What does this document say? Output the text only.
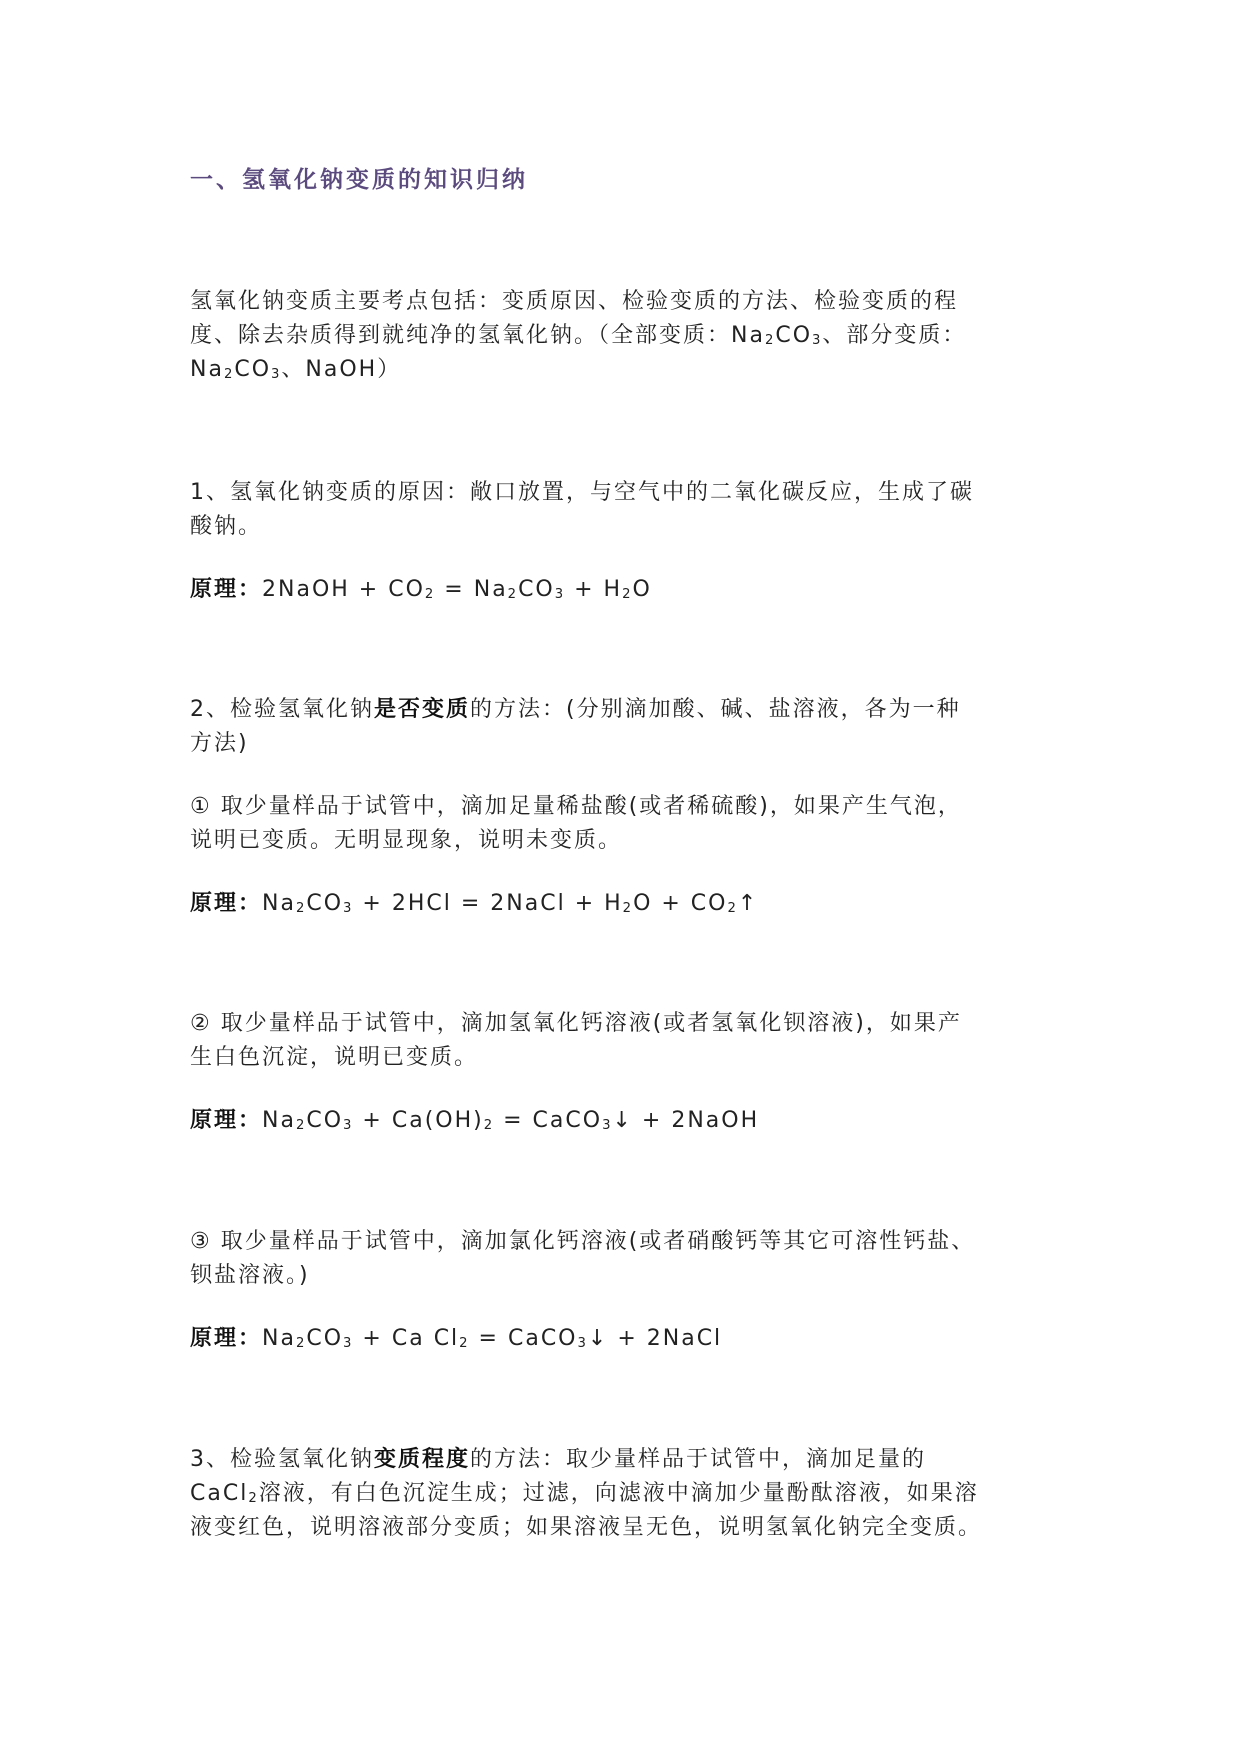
一、氢氧化钠变质的知识归纳

氢氧化钠变质主要考点包括：变质原因、检验变质的方法、检验变质的程
度、除去杂质得到就纯净的氢氧化钠。（全部变质：$Na_2CO_3$、部分变质：
$Na_2CO_3$、NaOH）
1、氢氧化钠变质的原因：敞口放置，与空气中的二氧化碳反应，生成了碳
酸钠。
原理：2NaOH + $CO_2 = Na_2CO_3 + H_2O$
2、检验氢氧化钠是否变质的方法：(分别滴加酸、碱、盐溶液，各为一种
方法)
① 取少量样品于试管中，滴加足量稀盐酸(或者稀硫酸)，如果产生气泡，
说明已变质。无明显现象，说明未变质。
原理：$Na_2CO_3 + 2HCl$ = 2NaCl + $H_2O$ + $CO_2↑$
② 取少量样品于试管中，滴加氢氧化钙溶液(或者氢氧化钡溶液)，如果产
生白色沉淀，说明已变质。
原理：$Na_2CO_3 + Ca(OH)_2$ = CaCO$_3$↓ + 2NaOH
③ 取少量样品于试管中，滴加氯化钙溶液(或者硝酸钙等其它可溶性钙盐、
钡盐溶液。)
原理：$Na_2CO_3 + Ca$ $Cl_2$ = CaCO$_3$↓ + 2NaCl
3、检验氢氧化钠变质程度的方法：取少量样品于试管中，滴加足量的
CaCl$_2$溶液，有白色沉淀生成；过滤，向滤液中滴加少量酚酞溶液，如果溶
液变红色，说明溶液部分变质；如果溶液呈无色，说明氢氧化钠完全变质。
